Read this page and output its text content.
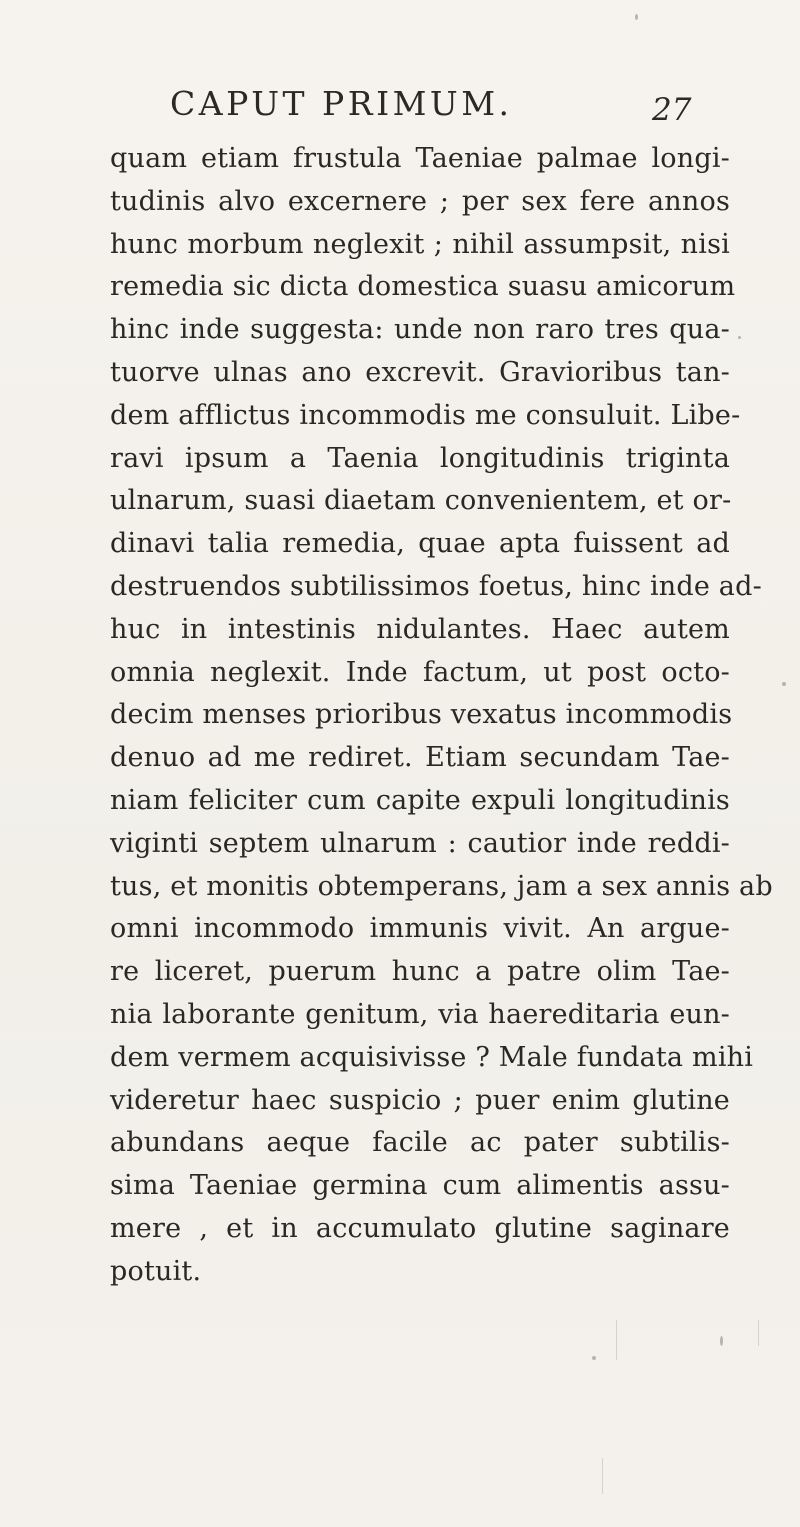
CAPUT PRIMUM.	27
quam etiam frustula Taeniae palmae longi-
tudinis alvo excernere ; per sex fere annos
hunc morbum neglexit ; nihil assumpsit, nisi
remedia sic dicta domestica suasu amicorum
hinc inde suggesta: unde non raro tres qua-
tuorve ulnas ano excrevit. Gravioribus tan-
dem afflictus incommodis me consuluit. Libe-
ravi ipsum a Taenia longitudinis triginta
ulnarum, suasi diaetam convenientem, et or-
dinavi talia remedia, quae apta fuissent ad
destruendos subtilissimos foetus, hinc inde ad-
huc in intestinis nidulantes. Haec autem
omnia neglexit. Inde factum, ut post octo-
decim menses prioribus vexatus incommodis
denuo ad me rediret. Etiam secundam Tae-
niam feliciter cum capite expuli longitudinis
viginti septem ulnarum : cautior inde reddi-
tus, et monitis obtemperans, jam a sex annis ab
omni incommodo immunis vivit. An argue-
re liceret, puerum hunc a patre olim Tae-
nia laborante genitum, via haereditaria eun-
dem vermem acquisivisse ? Male fundata mihi
videretur haec suspicio ; puer enim glutine
abundans aeque facile ac pater subtilis-
sima Taeniae germina cum alimentis assu-
mere , et in accumulato glutine saginare
potuit.
